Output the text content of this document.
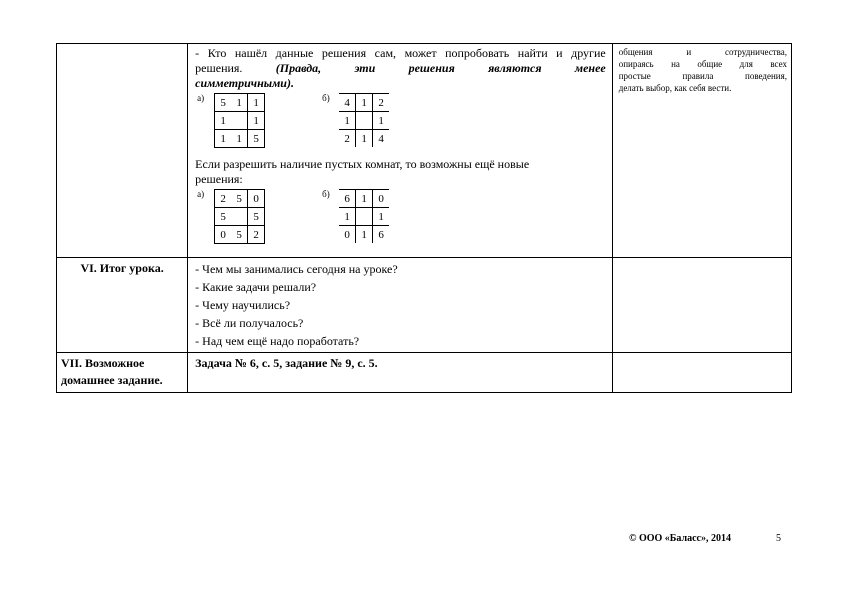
- Кто нашёл данные решения сам, может попробовать найти и другие

решения.	(Правда, эти решения являются менее

симметричными).

а) 5	1	1
1		1
1	1	5
б) 4	1	2
1		1
2	1	4

Если разрешить наличие пустых комнат, то возможны ещё новые

решения:

а) 2	5	0
5		5
0	5	2
б) 6	1	0
1		1
0	1	6

общения и сотрудничества,
опираясь на общие для всех
простые правила поведения,
делать выбор, как себя вести.

VI. Итог урока.	- Чем мы занимались сегодня на уроке?
- Какие задачи решали?
- Чему научились?
- Всё ли получалось?
- Над чем ещё надо поработать?

VII. Возможное
домашнее задание.

Задача № 6, с. 5, задание № 9, с. 5.

© ООО «Баласс», 2014	5
